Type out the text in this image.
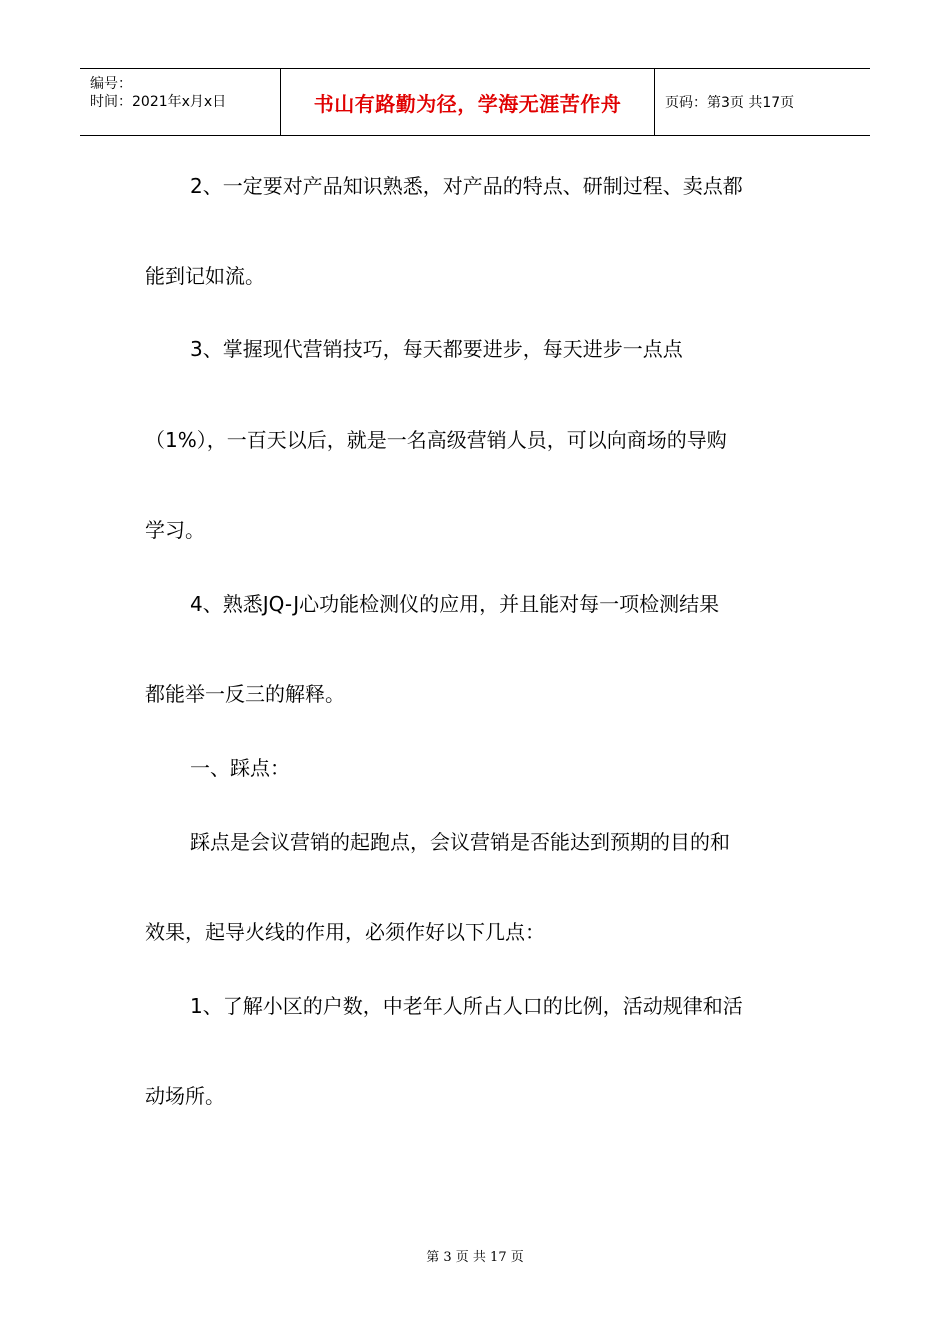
编号：
时间：2021年x月x日	书山有路勤为径，学海无涯苦作舟	页码：第3页 共17页
2、一定要对产品知识熟悉，对产品的特点、研制过程、卖点都
能到记如流。
3、掌握现代营销技巧，每天都要进步，每天进步一点点
（1%），一百天以后，就是一名高级营销人员，可以向商场的导购
学习。
4、熟悉JQ-J心功能检测仪的应用，并且能对每一项检测结果
都能举一反三的解释。
一、踩点：
踩点是会议营销的起跑点，会议营销是否能达到预期的目的和
效果，起导火线的作用，必须作好以下几点：
1、了解小区的户数，中老年人所占人口的比例，活动规律和活
动场所。
第 3 页 共 17 页
